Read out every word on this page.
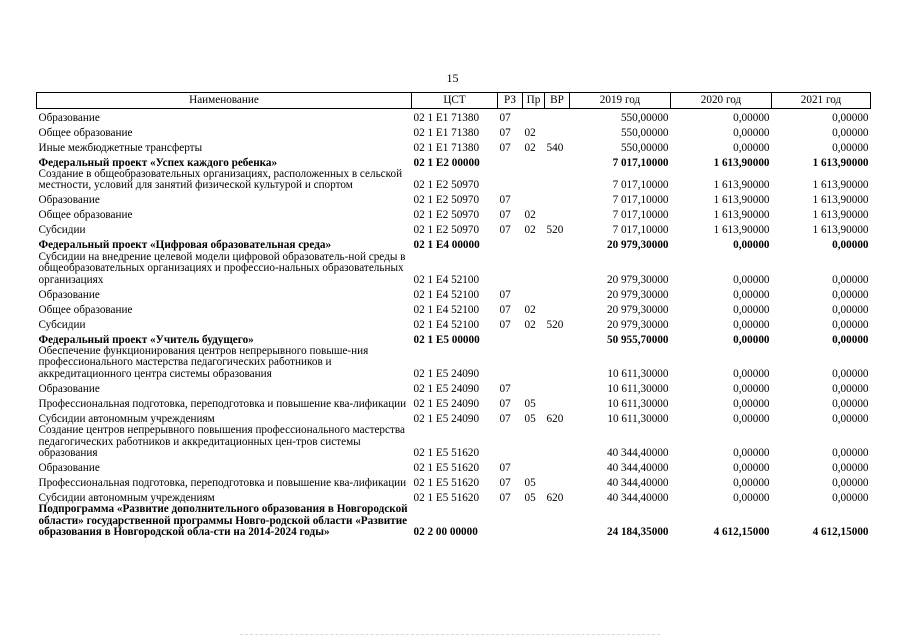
15
Наименование	ЦСТ	РЗ	Пр	ВР	2019 год	2020 год	2021 год
Образование	02 1 E1 71380	07			550,00000	0,00000	0,00000
Общее образование	02 1 E1 71380	07	02		550,00000	0,00000	0,00000
Иные межбюджетные трансферты	02 1 E1 71380	07	02	540	550,00000	0,00000	0,00000
Федеральный проект «Успех каждого ребенка»	02 1 E2 00000				7 017,10000	1 613,90000	1 613,90000
Создание в общеобразовательных организациях, расположенных в сельской местности, условий для занятий физической культурой и спортом	02 1 E2 50970				7 017,10000	1 613,90000	1 613,90000
Образование	02 1 E2 50970	07			7 017,10000	1 613,90000	1 613,90000
Общее образование	02 1 E2 50970	07	02		7 017,10000	1 613,90000	1 613,90000
Субсидии	02 1 E2 50970	07	02	520	7 017,10000	1 613,90000	1 613,90000
Федеральный проект «Цифровая образовательная среда»	02 1 E4 00000				20 979,30000	0,00000	0,00000
Субсидии на внедрение целевой модели цифровой образователь-ной среды в общеобразовательных организациях и профессио-нальных образовательных организациях	02 1 E4 52100				20 979,30000	0,00000	0,00000
Образование	02 1 E4 52100	07			20 979,30000	0,00000	0,00000
Общее образование	02 1 E4 52100	07	02		20 979,30000	0,00000	0,00000
Субсидии	02 1 E4 52100	07	02	520	20 979,30000	0,00000	0,00000
Федеральный проект «Учитель будущего»	02 1 E5 00000				50 955,70000	0,00000	0,00000
Обеспечение функционирования центров непрерывного повыше-ния профессионального мастерства педагогических работников и аккредитационного центра системы образования	02 1 E5 24090				10 611,30000	0,00000	0,00000
Образование	02 1 E5 24090	07			10 611,30000	0,00000	0,00000
Профессиональная подготовка, переподготовка и повышение ква-лификации	02 1 E5 24090	07	05		10 611,30000	0,00000	0,00000
Субсидии автономным учреждениям	02 1 E5 24090	07	05	620	10 611,30000	0,00000	0,00000
Создание центров непрерывного повышения профессионального мастерства педагогических работников и аккредитационных цен-тров системы образования	02 1 E5 51620				40 344,40000	0,00000	0,00000
Образование	02 1 E5 51620	07			40 344,40000	0,00000	0,00000
Профессиональная подготовка, переподготовка и повышение ква-лификации	02 1 E5 51620	07	05		40 344,40000	0,00000	0,00000
Субсидии автономным учреждениям	02 1 E5 51620	07	05	620	40 344,40000	0,00000	0,00000
Подпрограмма «Развитие дополнительного образования в Новгородской области» государственной программы Новго-родской области «Развитие образования в Новгородской обла-сти на 2014-2024 годы»	02 2 00 00000				24 184,35000	4 612,15000	4 612,15000
